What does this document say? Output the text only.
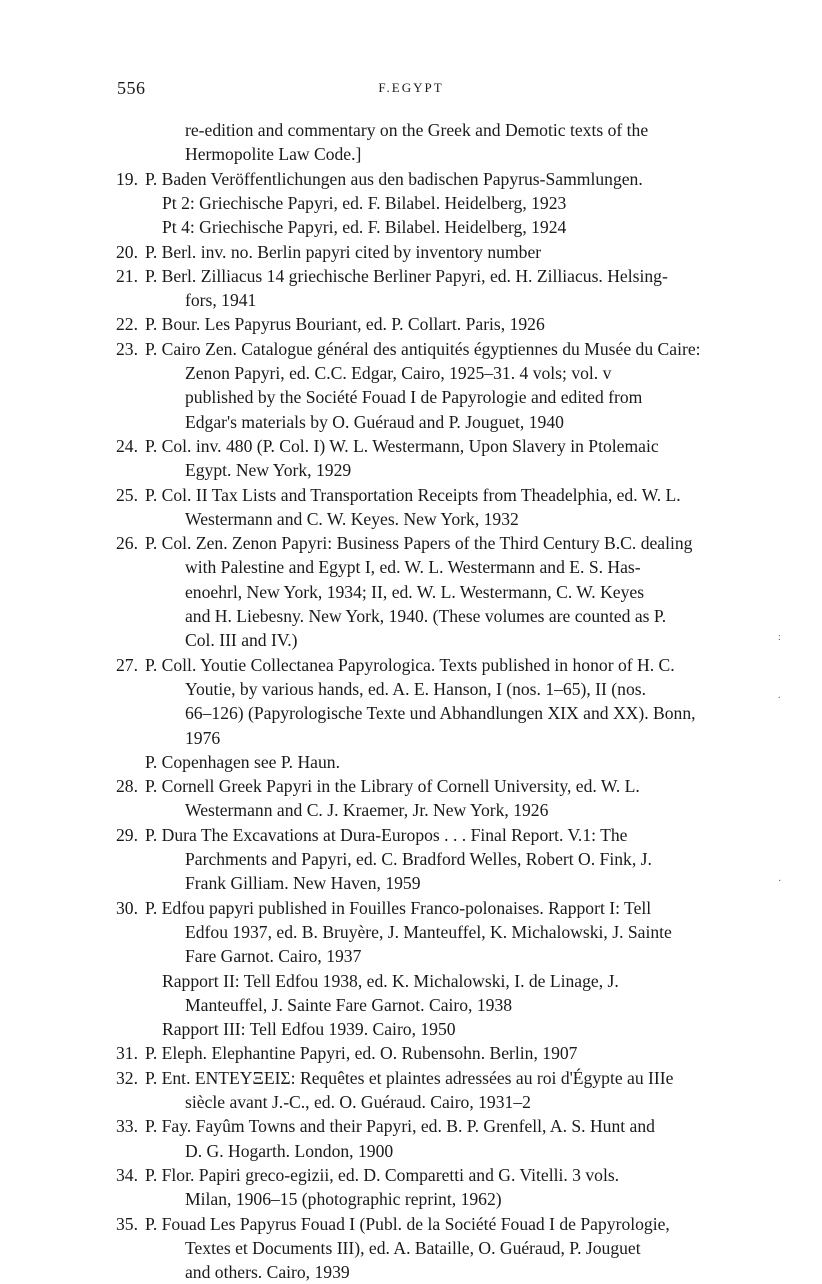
556	F.EGYPT
:
.
·
re-edition and commentary on the Greek and Demotic texts of the
Hermopolite Law Code.]
19. P. Baden Veröffentlichungen aus den badischen Papyrus-Sammlungen.
Pt 2: Griechische Papyri, ed. F. Bilabel. Heidelberg, 1923
Pt 4: Griechische Papyri, ed. F. Bilabel. Heidelberg, 1924
20. P. Berl. inv. no. Berlin papyri cited by inventory number
21. P. Berl. Zilliacus 14 griechische Berliner Papyri, ed. H. Zilliacus. Helsing-
fors, 1941
22. P. Bour. Les Papyrus Bouriant, ed. P. Collart. Paris, 1926
23. P. Cairo Zen. Catalogue général des antiquités égyptiennes du Musée du Caire:
Zenon Papyri, ed. C.C. Edgar, Cairo, 1925–31. 4 vols; vol. v
published by the Société Fouad I de Papyrologie and edited from
Edgar's materials by O. Guéraud and P. Jouguet, 1940
24. P. Col. inv. 480 (P. Col. I) W. L. Westermann, Upon Slavery in Ptolemaic
Egypt. New York, 1929
25. P. Col. II Tax Lists and Transportation Receipts from Theadelphia, ed. W. L.
Westermann and C. W. Keyes. New York, 1932
26. P. Col. Zen. Zenon Papyri: Business Papers of the Third Century B.C. dealing
with Palestine and Egypt I, ed. W. L. Westermann and E. S. Has-
enoehrl, New York, 1934; II, ed. W. L. Westermann, C. W. Keyes
and H. Liebesny. New York, 1940. (These volumes are counted as P.
Col. III and IV.)
27. P. Coll. Youtie Collectanea Papyrologica. Texts published in honor of H. C.
Youtie, by various hands, ed. A. E. Hanson, I (nos. 1–65), II (nos.
66–126) (Papyrologische Texte und Abhandlungen XIX and XX). Bonn,
1976
P. Copenhagen see P. Haun.
28. P. Cornell Greek Papyri in the Library of Cornell University, ed. W. L.
Westermann and C. J. Kraemer, Jr. New York, 1926
29. P. Dura The Excavations at Dura-Europos . . . Final Report. V.1: The
Parchments and Papyri, ed. C. Bradford Welles, Robert O. Fink, J.
Frank Gilliam. New Haven, 1959
30. P. Edfou papyri published in Fouilles Franco-polonaises. Rapport I: Tell
Edfou 1937, ed. B. Bruyère, J. Manteuffel, K. Michalowski, J. Sainte
Fare Garnot. Cairo, 1937
Rapport II: Tell Edfou 1938, ed. K. Michalowski, I. de Linage, J.
Manteuffel, J. Sainte Fare Garnot. Cairo, 1938
Rapport III: Tell Edfou 1939. Cairo, 1950
31. P. Eleph. Elephantine Papyri, ed. O. Rubensohn. Berlin, 1907
32. P. Ent. ENTEYΞΕΙΣ: Requêtes et plaintes adressées au roi d'Égypte au IIIe
siècle avant J.-C., ed. O. Guéraud. Cairo, 1931–2
33. P. Fay. Fayûm Towns and their Papyri, ed. B. P. Grenfell, A. S. Hunt and
D. G. Hogarth. London, 1900
34. P. Flor. Papiri greco-egizii, ed. D. Comparetti and G. Vitelli. 3 vols.
Milan, 1906–15 (photographic reprint, 1962)
35. P. Fouad Les Papyrus Fouad I (Publ. de la Société Fouad I de Papyrologie,
Textes et Documents III), ed. A. Bataille, O. Guéraud, P. Jouguet
and others. Cairo, 1939
